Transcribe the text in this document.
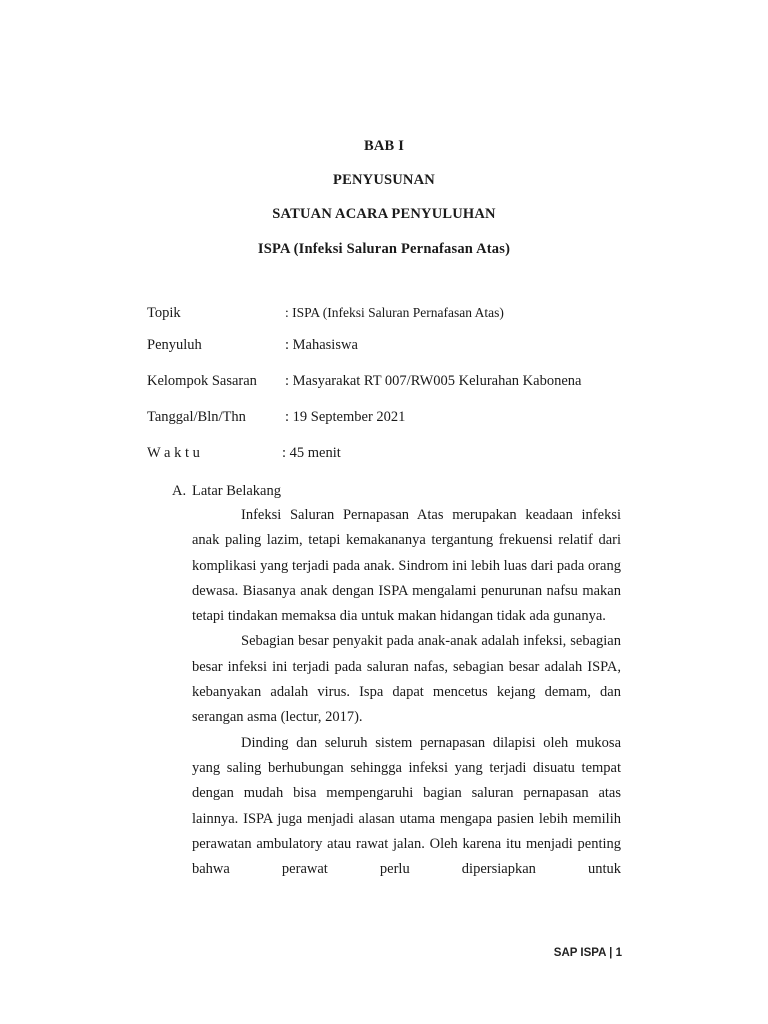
BAB I
PENYUSUNAN
SATUAN ACARA PENYULUHAN
ISPA (Infeksi Saluran Pernafasan Atas)
Topik	: ISPA (Infeksi Saluran Pernafasan Atas)
Penyuluh	: Mahasiswa
Kelompok Sasaran : Masyarakat RT 007/RW005 Kelurahan Kabonena
Tanggal/Bln/Thn	: 19 September 2021
W a k t u	: 45 menit
A. Latar Belakang

Infeksi Saluran Pernapasan Atas merupakan keadaan infeksi anak paling lazim, tetapi kemakananya tergantung frekuensi relatif dari komplikasi yang terjadi pada anak. Sindrom ini lebih luas dari pada orang dewasa. Biasanya anak dengan ISPA mengalami penurunan nafsu makan tetapi tindakan memaksa dia untuk makan hidangan tidak ada gunanya.

Sebagian besar penyakit pada anak-anak adalah infeksi, sebagian besar infeksi ini terjadi pada saluran nafas, sebagian besar adalah ISPA, kebanyakan adalah virus. Ispa dapat mencetus kejang demam, dan serangan asma (lectur, 2017).

Dinding dan seluruh sistem pernapasan dilapisi oleh mukosa yang saling berhubungan sehingga infeksi yang terjadi disuatu tempat dengan mudah bisa mempengaruhi bagian saluran pernapasan atas lainnya. ISPA juga menjadi alasan utama mengapa pasien lebih memilih perawatan ambulatory atau rawat jalan. Oleh karena itu menjadi penting bahwa perawat perlu dipersiapkan untuk

SAP ISPA | 1
